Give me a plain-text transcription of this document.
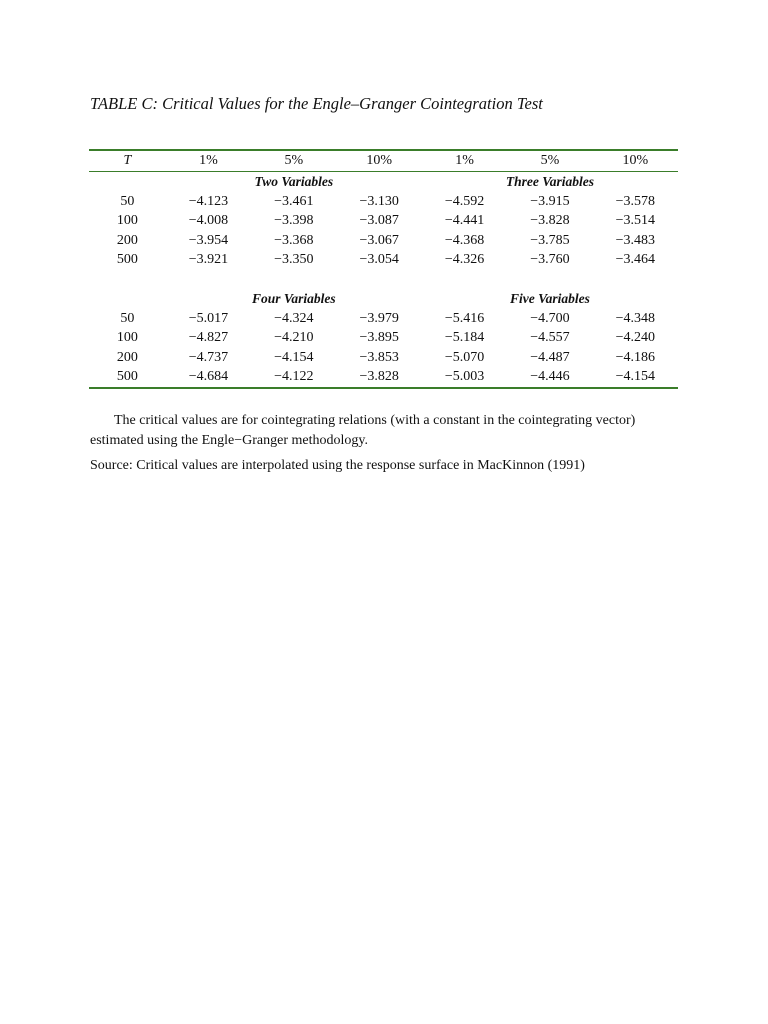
TABLE C: Critical Values for the Engle–Granger Cointegration Test
T	1%	5%	10%	1%	5%	10%
	Two Variables			Three Variables		
50	−4.123	−3.461	−3.130	−4.592	−3.915	−3.578
100	−4.008	−3.398	−3.087	−4.441	−3.828	−3.514
200	−3.954	−3.368	−3.067	−4.368	−3.785	−3.483
500	−3.921	−3.350	−3.054	−4.326	−3.760	−3.464

	Four Variables			Five Variables		
50	−5.017	−4.324	−3.979	−5.416	−4.700	−4.348
100	−4.827	−4.210	−3.895	−5.184	−4.557	−4.240
200	−4.737	−4.154	−3.853	−5.070	−4.487	−4.186
500	−4.684	−4.122	−3.828	−5.003	−4.446	−4.154

The critical values are for cointegrating relations (with a constant in the cointegrating vector) estimated using the Engle−Granger methodology.

Source: Critical values are interpolated using the response surface in MacKinnon (1991)
